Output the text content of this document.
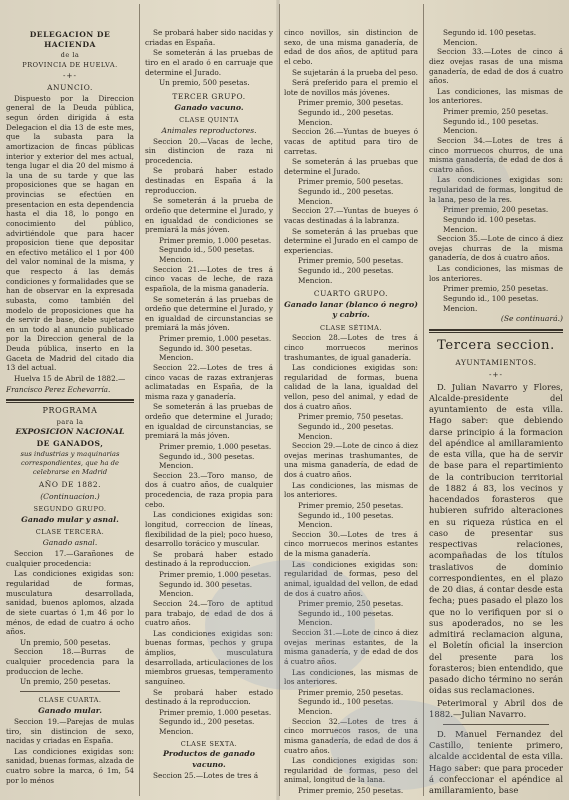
DELEGACION DE HACIENDA
de la
PROVINCIA DE HUELVA.
-+-
ANUNCIO.

Dispuesto por la Direccion general de la Deuda pública, segun órden dirigida á esta Delegacion el dia 13 de este mes, que la subasta para la amortizacion de fincas públicas interior y exterior del mes actual, tenga lugar el dia 20 del mismo á la una de su tarde y que las proposiciones que se hagan en provincias se efectúen en presentacion en esta dependencia hasta el dia 18, lo pongo en conocimiento del público, advirtiéndole que para hacer proposicion tiene que depositar en efectivo metálico el 1 por 400 del valor nominal de la misma, y que respecto á las demás condiciones y formalidades que se han de observar en la expresada subasta, como también del modelo de proposiciones que ha de servir de base, debe sujetarse en un todo al anuncio publicado por la Direccion general de la Deuda pública, inserto en la Gaceta de Madrid del citado dia 13 del actual.

Huelva 15 de Abril de 1882.—

Francisco Perez Echevarría.

PROGRAMA
para la
EXPOSICION NACIONAL
DE GANADOS,
sus industrias y maquinarias correspondientes, que ha de celebrarse en Madrid
AÑO DE 1882.
(Continuacion.)
SEGUNDO GRUPO.
Ganado mular y asnal.
CLASE TERCERA.
Ganado asnal.

Seccion 17.—Garañones de cualquier procedencia:

Las condiciones exigidas son: regularidad de formas, musculatura desarrollada, sanidad, buenos aplomos, alzada de siete cuartas ó 1,m 46 por lo ménos, de edad de cuatro á ocho años.

Un premio, 500 pesetas.

Seccion 18.—Burras de cualquier procedencia para la produccion de leche.

Un premio, 250 pesetas.

CLASE CUARTA.
Ganado mular.

Seccion 19.—Parejas de mulas tiro, sin distincion de sexo, nacidas y criadas en España.

Las condiciones exigidas son: sanidad, buenas formas, alzada de cuatro sobre la marca, ó 1m, 54 por lo ménos

Se probará haber sido nacidas y criadas en España.

Se someterán á las pruebas de tiro en el arado ó en carruaje que determine el Jurado.

Un premio, 500 pesetas.

TERCER GRUPO.
Ganado vacuno.
CLASE QUINTA
Animales reproductores.

Seccion 20.—Vacas de leche, sin distincion de raza ni procedencia.

Se probará haber estado destinadas en España á la reproduccion.

Se someterán á la prueba de ordeño que determine el Jurado, y en igualdad de condiciones se premiará la más jóven.

Primer premio, 1.000 pesetas.

Segundo id., 500 pesetas.

Mencion.

Seccion 21.—Lotes de tres á cinco vacas de leche, de raza española, de la misma ganadería.

Se someterán á las pruebas de ordeño que determine el Jurado, y en igualdad de circunstancias se premiará la más jóven.

Primer premio, 1.000 pesetas.

Segundo id. 300 pesetas.

Mencion.

Seccion 22.—Lotes de tres á cinco vacas de razas extranjeras aclimatadas en España, de la misma raza y ganadería.

Se someterán á las pruebas de ordeño que determine el Jurado; en igualdad de circunstancias, se premiará la más jóven.

Primer premio, 1.000 pesetas.

Segundo id., 300 pesetas.

Mencion.

Seccion 23.—Toro manso, de dos á cuatro años, de cualquier procedencia, de raza propia para cebo.

Las condiciones exigidas son: longitud, correccion de líneas, flexibilidad de la piel; poco hueso, desarrollo torácico y muscular.

Se probará haber estado destinado á la reproduccion.

Primer premio, 1.000 pesetas.

Segundo id. 300 pesetas.

Mencion.

Seccion 24.—Toro de aptitud para trabajo, de edad de dos á cuatro años.

Las condiciones exigidas son: buenas formas, pechos y grupa ámplios, musculatura desarrollada, articulaciones de los miembros gruesas, temperamento sanguíneo.

Se probará haber estado destinado á la reproduccion.

Primer premio, 1.000 pesetas.

Segundo id., 200 pesetas.

Mencion.

CLASE SEXTA.
Productos de ganado vacuno.

Seccion 25.—Lotes de tres á

cinco novillos, sin distincion de sexo, de una misma ganadería, de edad de dos años, de aptitud para el cebo.

Se sujetarán á la prueba del peso.

Será preferido para el premio el lote de novillos más jóvenes.

Primer premio, 300 pesetas.

Segundo id., 200 pesetas.

Mencion.

Seccion 26.—Yuntas de bueyes ó vacas de aptitud para tiro de carretas.

Se someterán á las pruebas que determine el Jurado.

Primer premio, 500 pesetas.

Segundo id., 200 pesetas.

Mencion.

Seccion 27.—Yuntas de bueyes ó vacas destinadas á la labranza.

Se someterán á las pruebas que determine el Jurado en el campo de experiencias.

Primer premio, 500 pesetas.

Segundo id., 200 pesetas.

Mencion.

CUARTO GRUPO.
Ganado lanar (blanco ó negro) y cabrío.
CLASE SÉTIMA.

Seccion 28.—Lotes de tres á cinco morruecos merinos trashumantes, de igual ganadería.

Las condiciones exigidas son: regularidad de formas, buena calidad de la lana, igualdad del vellon, peso del animal, y edad de dos á cuatro años.

Primer premio, 750 pesetas.

Segundo id., 200 pesetas.

Mencion.

Seccion 29.—Lote de cinco á diez ovejas merinas trashumantes, de una misma ganadería, de edad de dos á cuatro años.

Las condiciones, las mismas de los anteriores.

Primer premio, 250 pesetas.

Segundo id., 100 pesetas.

Mencion.

Seccion 30.—Lotes de tres á cinco morruecos merinos estantes de la misma ganadería.

Las condiciones exigidas son: regularidad de formas, peso del animal, igualdad del vellon, de edad de dos á cuatro años.

Primer premio, 250 pesetas.

Segundo id., 100 pesetas.

Mencion.

Seccion 31.—Lote de cinco á diez ovejas merinas estantes, de la misma ganadería, y de edad de dos á cuatro años.

Las condiciones, las mismas de los anteriores.

Primer premio, 250 pesetas.

Segundo id., 100 pesetas.

Mencion.

Seccion 32.—Lotes de tres á cinco morruecos rasos, de una misma ganadería, de edad de dos á cuatro años.

Las condiciones exigidas son: regularidad de formas, peso del animal, longitud de la lana.

Primer premio, 250 pesetas.

Segundo id. 100 pesetas.

Mencion.

Seccion 33.—Lotes de cinco á diez ovejas rasas de una misma ganadería, de edad de dos á cuatro años.

Las condiciones, las mismas de los anteriores.

Primer premio, 250 pesetas.

Segundo id., 100 pesetas.

Mencion.

Seccion 34.—Lotes de tres á cinco morruecos churros, de una misma ganadería, de edad de dos á cuatro años.

Las condiciones exigidas son: regularidad de formas, longitud de la lana, peso de la res.

Primer premio, 200 pesetas.

Segundo id. 100 pesetas.

Mencion.

Seccion 35.—Lote de cinco á diez ovejas churras de la misma ganadería, de dos á cuatro años.

Las condiciones, las mismas de los anteriores.

Primer premio, 250 pesetas.

Segundo id., 100 pesetas.

Mencion.

(Se continuará.)
Tercera seccion.
AYUNTAMIENTOS.
-+-

D. Julian Navarro y Flores, Alcalde-presidente del ayuntamiento de esta villa. Hago saber: que debiendo darse principio á la formacion del apéndice al amillaramiento de esta villa, que ha de servir de base para el repartimiento de la contribucion territorial de 1882 á 83, los vecinos y hacendados forasteros que hubieren sufrido alteraciones en su riqueza rústica en el caso de presentar sus respectivas relaciones, acompañadas de los títulos traslativos de dominio correspondientes, en el plazo de 20 dias, á contar desde esta fecha; pues pasado el plazo los que no lo verifiquen por si o sus apoderados, no se les admitirá reclamacion alguna, el Boletín oficial la insercion del presente para los forasteros; bien entendido, que pasado dicho término no serán oidas sus reclamaciones.

Peterimoral y Abril dos de 1882.—Julian Navarro.

D. Manuel Fernandez del Castillo, teniente primero, alcalde accidental de esta villa. Hago saber: que para proceder á confeccionar el apéndice al amillaramiento, base
